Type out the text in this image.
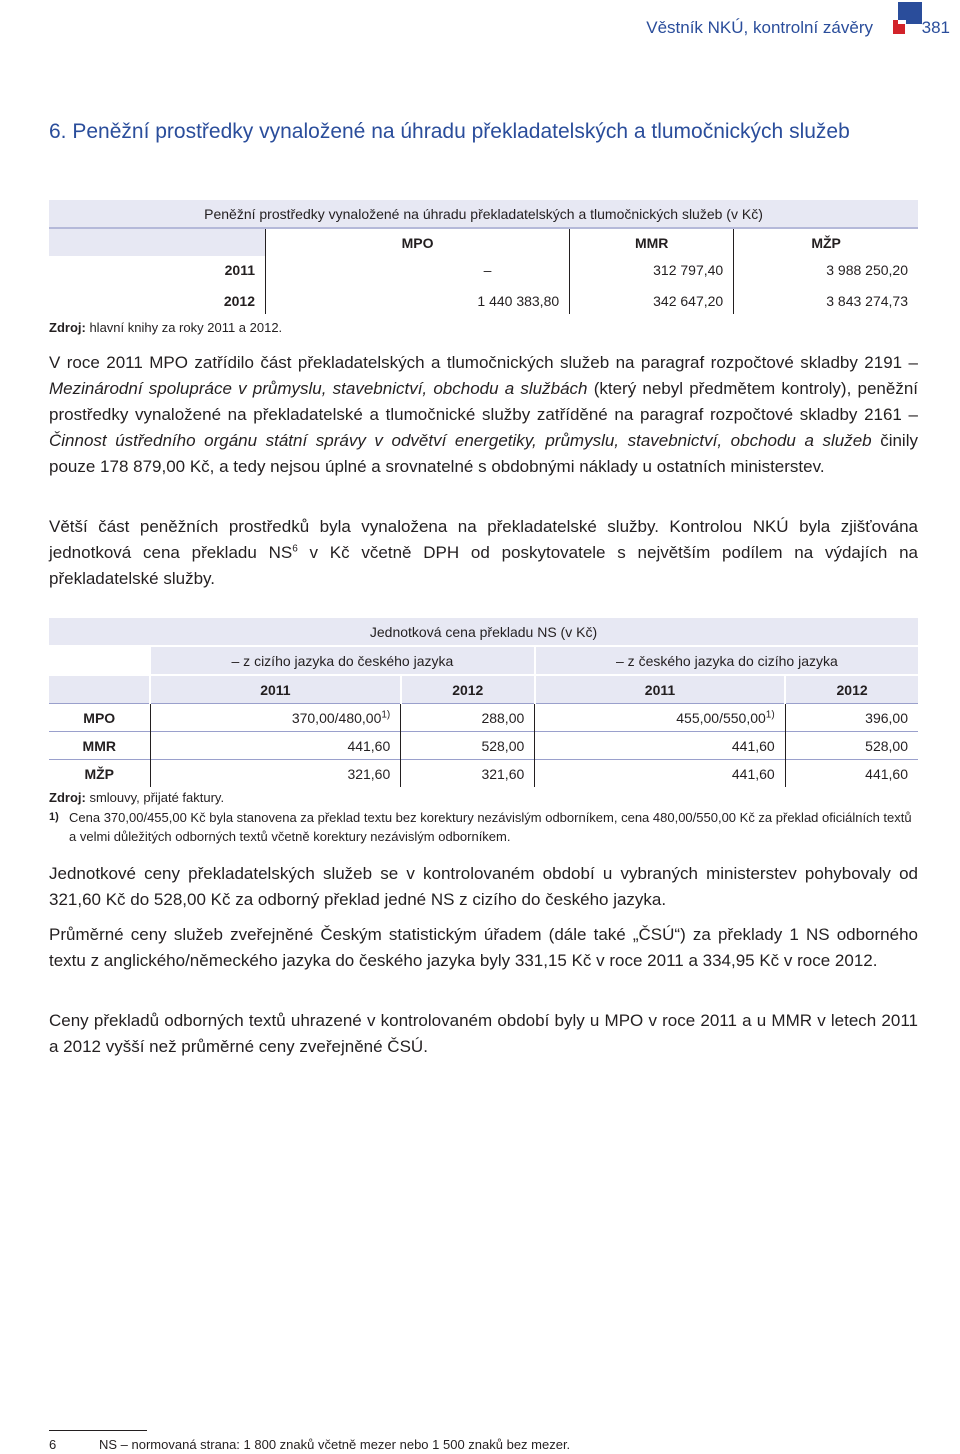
Věstník NKÚ, kontrolní závěry	381
6. Peněžní prostředky vynaložené na úhradu překladatelských a tlumočnických služeb
Peněžní prostředky vynaložené na úhradu překladatelských a tlumočnických služeb (v Kč)			
	MPO	MMR	MŽP
2011	–	312 797,40	3 988 250,20

2012	1 440 383,80	342 647,20	3 843 274,73
Zdroj: hlavní knihy za roky 2011 a 2012.

V roce 2011 MPO zatřídilo část překladatelských a tlumočnických služeb na paragraf rozpočtové skladby 2191 – Mezinárodní spolupráce v průmyslu, stavebnictví, obchodu a službách (který nebyl předmětem kontroly), peněžní prostředky vynaložené na překladatelské a tlumočnické služby zatříděné na paragraf rozpočtové skladby 2161 – Činnost ústředního orgánu státní správy v odvětví energetiky, průmyslu, stavebnictví, obchodu a služeb činily pouze 178 879,00 Kč, a tedy nejsou úplné a srovnatelné s obdobnými náklady u ostatních ministerstev.

Větší část peněžních prostředků byla vynaložena na překladatelské služby. Kontrolou NKÚ byla zjišťována jednotková cena překladu $NS^6$ v Kč včetně DPH od poskytovatele s největším podílem na výdajích na překladatelské služby.

Jednotková cena překladu NS (v Kč)				
	– z cizího jazyka do českého jazyka		– z českého jazyka do cizího jazyka	
	2011	2012	2011	2012
MPO	370,00/480,00$^{1)}$	288,00	455,00/550,00$^{1)}$	396,00
MMR	441,60	528,00	441,60	528,00
MŽP	321,60	321,60	441,60	441,60
Zdroj: smlouvy, přijaté faktury.
1) Cena 370,00/455,00 Kč byla stanovena za překlad textu bez korektury nezávislým odborníkem, cena 480,00/550,00 Kč za překlad oficiálních textů a velmi důležitých odborných textů včetně korektury nezávislým odborníkem.

Jednotkové ceny překladatelských služeb se v kontrolovaném období u vybraných ministerstev pohybovaly od 321,60 Kč do 528,00 Kč za odborný překlad jedné NS z cizího do českého jazyka.

Průměrné ceny služeb zveřejněné Českým statistickým úřadem (dále také „ČSÚ“) za překlady 1 NS odborného textu z anglického/německého jazyka do českého jazyka byly 331,15 Kč v roce 2011 a 334,95 Kč v roce 2012.

Ceny překladů odborných textů uhrazené v kontrolovaném období byly u MPO v roce 2011 a u MMR v letech 2011 a 2012 vyšší než průměrné ceny zveřejněné ČSÚ.

6	NS – normovaná strana: 1 800 znaků včetně mezer nebo 1 500 znaků bez mezer.
